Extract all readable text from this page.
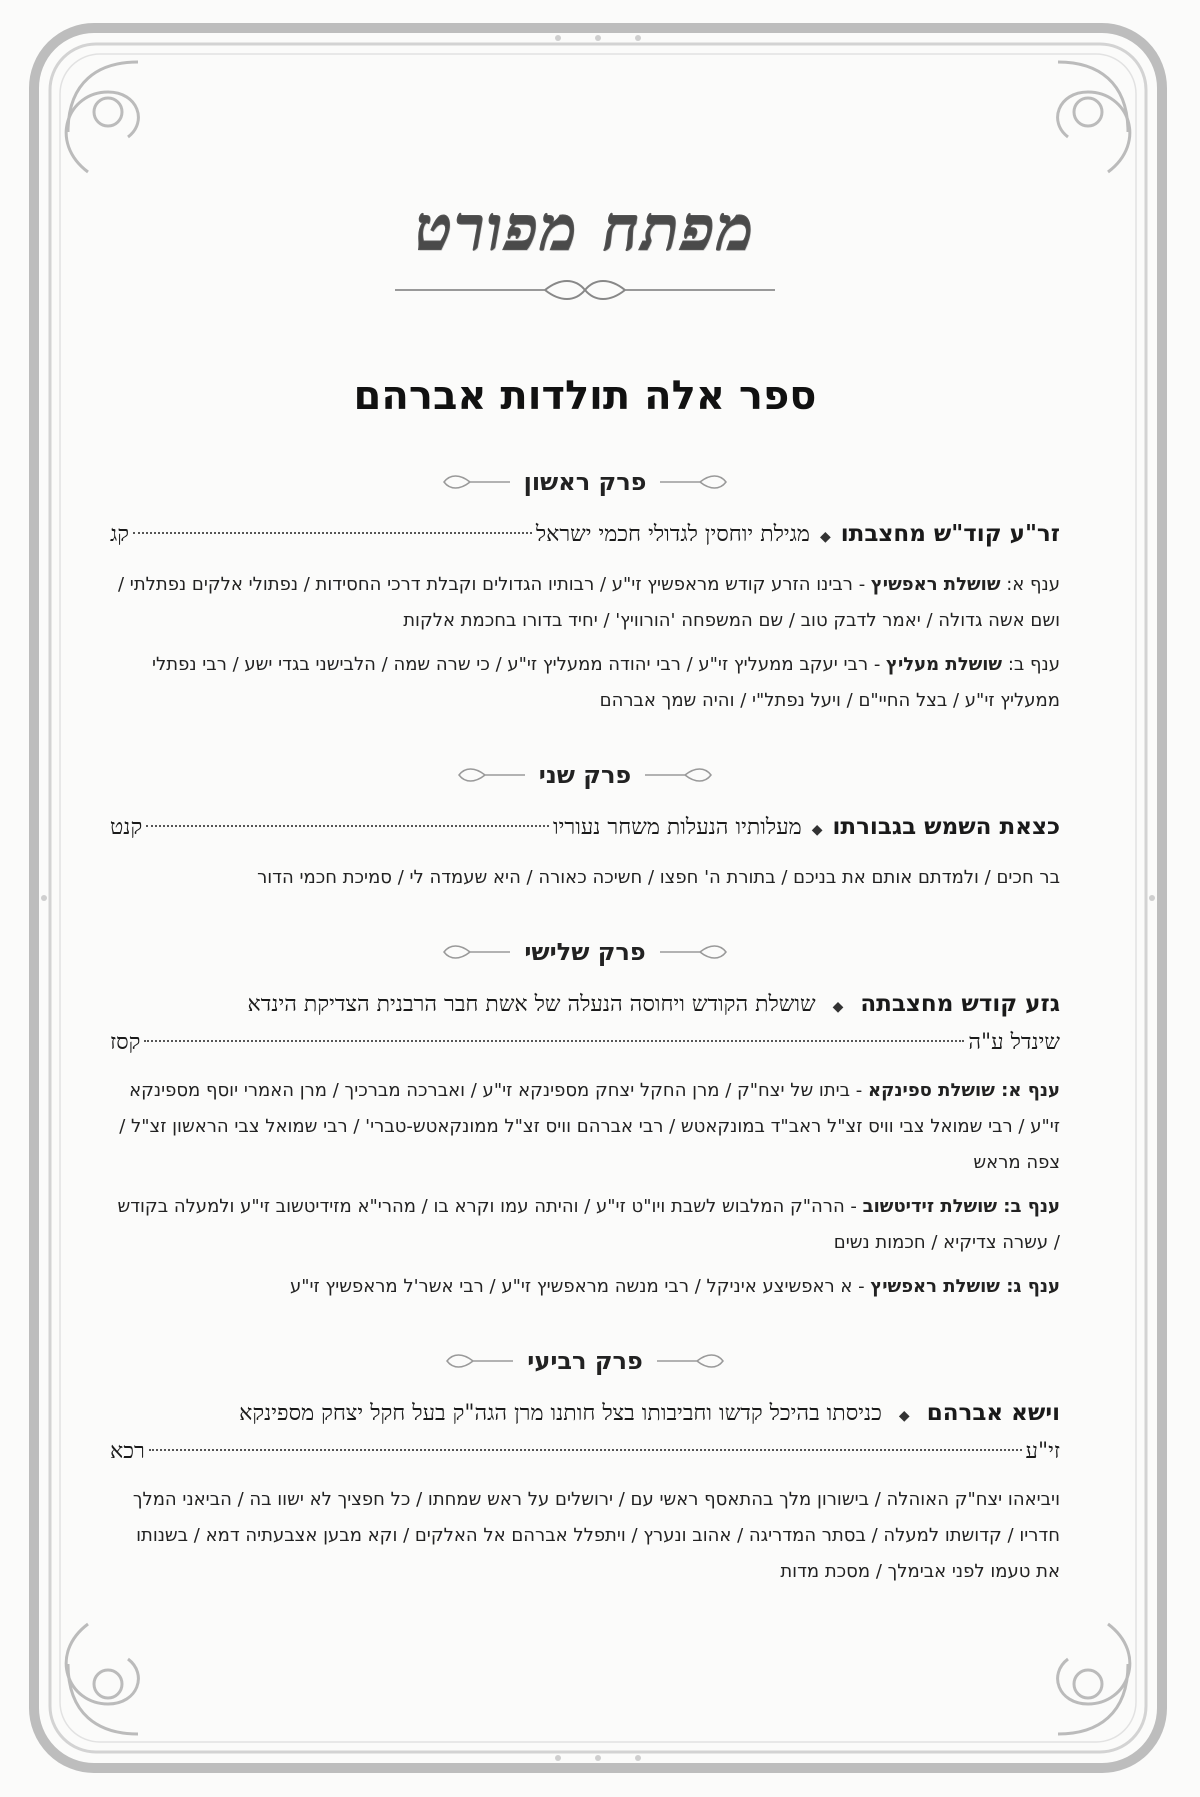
מפתח מפורט
ספר אלה תולדות אברהם
פרק ראשון
זר"ע קוד"ש מחצבתו
◆
מגילת יוחסין לגדולי חכמי ישראל
קג

ענף א: שושלת ראפשיץ - רבינו הזרע קודש מראפשיץ זי"ע / רבותיו הגדולים וקבלת דרכי החסידות / נפתולי אלקים נפתלתי / ושם אשה גדולה / יאמר לדבק טוב / שם המשפחה 'הורוויץ' / יחיד בדורו בחכמת אלקות

ענף ב: שושלת מעליץ - רבי יעקב ממעליץ זי"ע / רבי יהודה ממעליץ זי"ע / כי שרה שמה / הלבישני בגדי ישע / רבי נפתלי ממעליץ זי"ע / בצל החיי"ם / ויעל נפתל"י / והיה שמך אברהם

פרק שני
כצאת השמש בגבורתו
◆
מעלותיו הנעלות משחר נעוריו
קנט

בר חכים / ולמדתם אותם את בניכם / בתורת ה' חפצו / חשיכה כאורה / היא שעמדה לי / סמיכת חכמי הדור

פרק שלישי
גזע קודש מחצבתה ◆ שושלת הקודש ויחוסה הנעלה של אשת חבר הרבנית הצדיקת הינדא
שינדל ע"ה
קסז

ענף א: שושלת ספינקא - ביתו של יצח"ק / מרן החקל יצחק מספינקא זי"ע / ואברכה מברכיך / מרן האמרי יוסף מספינקא זי"ע / רבי שמואל צבי וויס זצ"ל ראב"ד במונקאטש / רבי אברהם וויס זצ"ל ממונקאטש-טברי' / רבי שמואל צבי הראשון זצ"ל / צפה מראש

ענף ב: שושלת זידיטשוב - הרה"ק המלבוש לשבת ויו"ט זי"ע / והיתה עמו וקרא בו / מהרי"א מזידיטשוב זי"ע ולמעלה בקודש / עשרה צדיקיא / חכמות נשים

ענף ג: שושלת ראפשיץ - א ראפשיצע איניקל / רבי מנשה מראפשיץ זי"ע / רבי אשר'ל מראפשיץ זי"ע

פרק רביעי
וישא אברהם ◆ כניסתו בהיכל קדשו וחביבותו בצל חותנו מרן הגה"ק בעל חקל יצחק מספינקא
זי"ע
רכא

ויביאהו יצח"ק האוהלה / בישורון מלך בהתאסף ראשי עם / ירושלים על ראש שמחתו / כל חפציך לא ישוו בה / הביאני המלך חדריו / קדושתו למעלה / בסתר המדריגה / אהוב ונערץ / ויתפלל אברהם אל האלקים / וקא מבען אצבעתיה דמא / בשנותו את טעמו לפני אבימלך / מסכת מדות
